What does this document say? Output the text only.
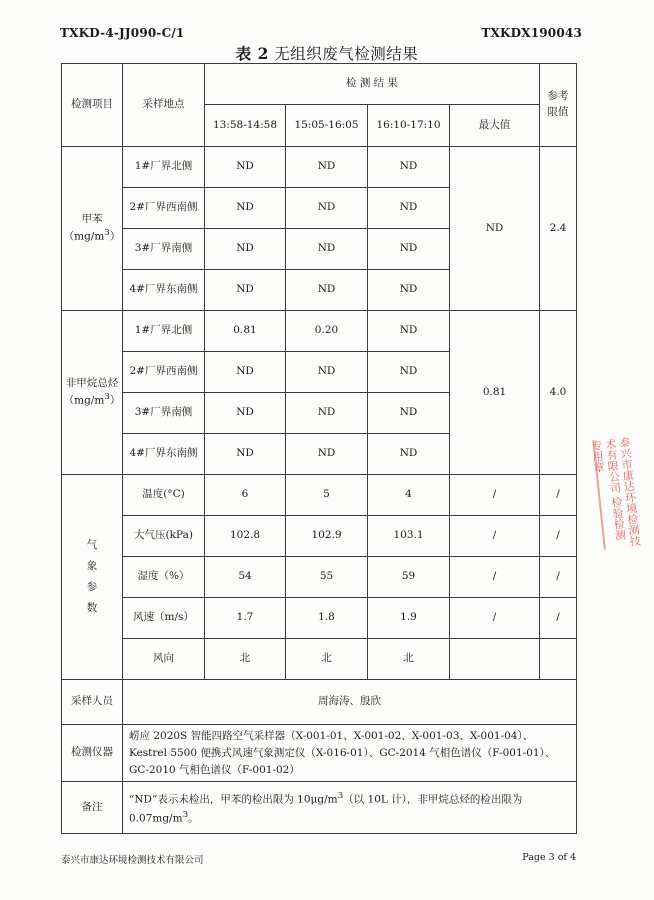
TXKD-4-JJ090-C/1	TXKDX190043
表 2 无组织废气检测结果
检测项目	采样地点	检 测 结 果				参考
限值
		13:58-14:58	15:05-16:05	16:10-17:10	最大值	
甲苯
$(mg/m^3)$	1#厂界北侧	ND	ND	ND	ND	2.4
	2#厂界西南侧	ND	ND	ND		
	3#厂界南侧	ND	ND	ND		
	4#厂界东南侧	ND	ND	ND		
非甲烷总烃
$(mg/m^3)$	1#厂界北侧	0.81	0.20	ND	0.81	4.0
	2#厂界西南侧	ND	ND	ND		
	3#厂界南侧	ND	ND	ND		
	4#厂界东南侧	ND	ND	ND		
气
象
参
数	温度(°C)	6	5	4	/	/
	大气压(kPa)	102.8	102.9	103.1	/	/
	湿度（%）	54	55	59	/	/
	风速（m/s）	1.7	1.8	1.9	/	/
	风向	北	北	北		
采样人员	周海涛、殷欣					
检测仪器	崂应 2020S 智能四路空气采样器（X-001-01、X-001-02、X-001-03、X-001-04）、Kestrel 5500 便携式风速气象测定仪（X-016-01）、GC-2014 气相色谱仪（F-001-01）、GC-2010 气相色谱仪（F-001-02）					
备注	“ND”表示未检出，甲苯的检出限为 $10\mu g/m^3$（以 10L 计），非甲烷总烃的检出限为 $0.07mg/m^3$。					
泰兴市康达环境检测技术有限公司 检验检测专用章
泰兴市康达环境检测技术有限公司	Page 3 of 4
